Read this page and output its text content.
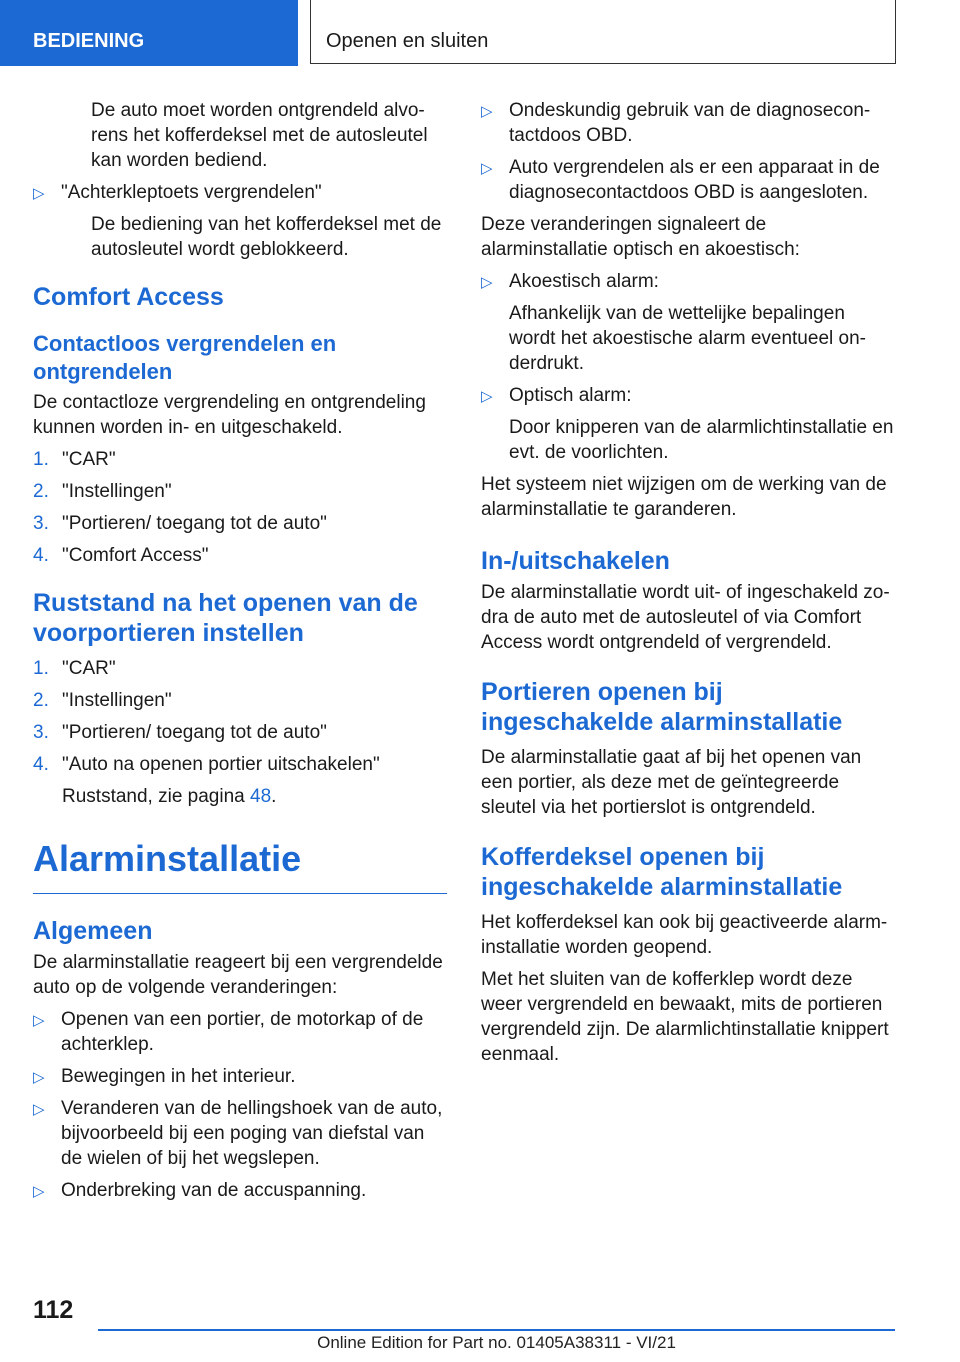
BEDIENING	Openen en sluiten

De auto moet worden ontgrendeld alvo-rens het kofferdeksel met de autosleutel kan worden bediend.

▷ "Achterkleptoets vergrendelen"

De bediening van het kofferdeksel met de autosleutel wordt geblokkeerd.

Comfort Access
Contactloos vergrendelen en ontgrendelen

De contactloze vergrendeling en ontgrendeling kunnen worden in- en uitgeschakeld.

1. "CAR"
2. "Instellingen"
3. "Portieren/ toegang tot de auto"
4. "Comfort Access"
Ruststand na het openen van de voorportieren instellen
1. "CAR"
2. "Instellingen"
3. "Portieren/ toegang tot de auto"
4. "Auto na openen portier uitschakelen"

Ruststand, zie pagina 48.

Alarminstallatie
Algemeen

De alarminstallatie reageert bij een vergrendelde auto op de volgende veranderingen:

▷ Openen van een portier, de motorkap of de achterklep.
▷ Bewegingen in het interieur.
▷ Veranderen van de hellingshoek van de auto, bijvoorbeeld bij een poging van diefstal van de wielen of bij het wegslepen.
▷ Onderbreking van de accuspanning.
▷ Ondeskundig gebruik van de diagnosecon-tactdoos OBD.
▷ Auto vergrendelen als er een apparaat in de diagnosecontactdoos OBD is aangesloten.

Deze veranderingen signaleert de alarminstallatie optisch en akoestisch:

▷ Akoestisch alarm:

Afhankelijk van de wettelijke bepalingen wordt het akoestische alarm eventueel on-derdrukt.

▷ Optisch alarm:

Door knipperen van de alarmlichtinstallatie en evt. de voorlichten.

Het systeem niet wijzigen om de werking van de alarminstallatie te garanderen.

In-/uitschakelen

De alarminstallatie wordt uit- of ingeschakeld zo-dra de auto met de autosleutel of via Comfort Access wordt ontgrendeld of vergrendeld.

Portieren openen bij ingeschakelde alarminstallatie

De alarminstallatie gaat af bij het openen van een portier, als deze met de geïntegreerde sleutel via het portierslot is ontgrendeld.

Kofferdeksel openen bij ingeschakelde alarminstallatie

Het kofferdeksel kan ook bij geactiveerde alarm-installatie worden geopend.

Met het sluiten van de kofferklep wordt deze weer vergrendeld en bewaakt, mits de portieren vergrendeld zijn. De alarmlichtinstallatie knippert eenmaal.

112
Online Edition for Part no. 01405A38311 - VI/21
